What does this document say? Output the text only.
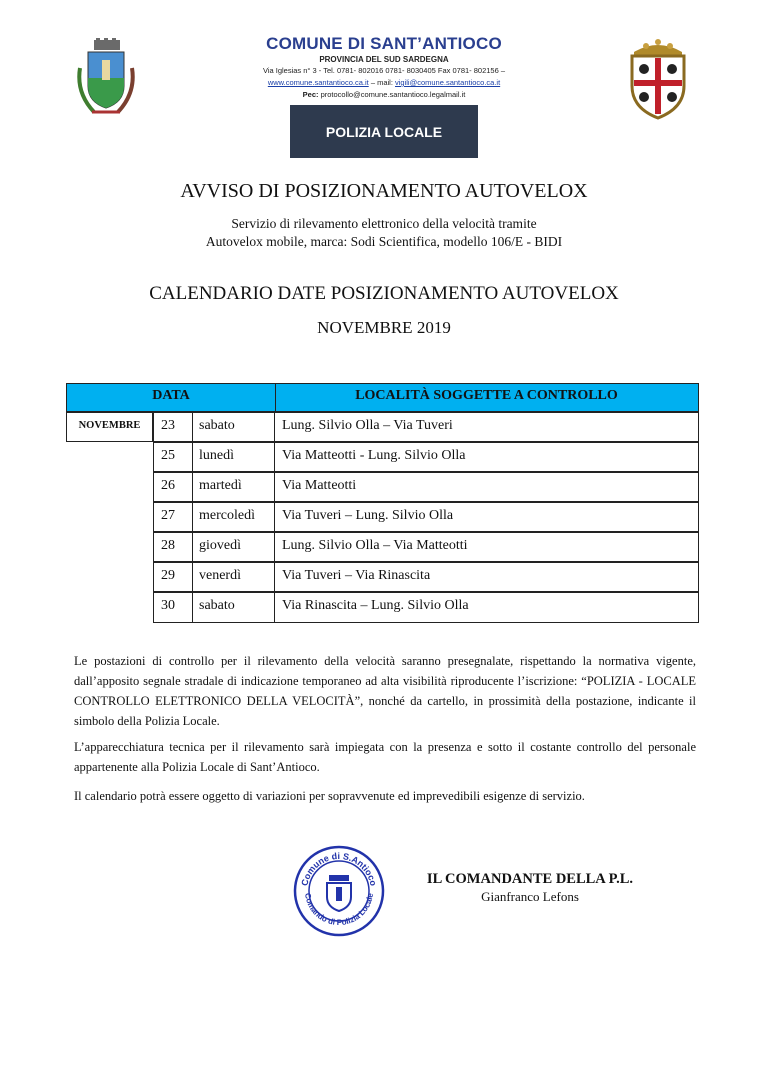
COMUNE DI SANT’ANTIOCO
PROVINCIA DEL SUD SARDEGNA
Via Iglesias n° 3 - Tel. 0781- 802016 0781- 8030405 Fax 0781- 802156 –
www.comune.santantioco.ca.it – mail: vigili@comune.santantioco.ca.it
Pec: protocollo@comune.santantioco.legalmail.it
POLIZIA LOCALE
AVVISO DI POSIZIONAMENTO AUTOVELOX
Servizio di rilevamento elettronico della velocità tramite
Autovelox mobile, marca: Sodi Scientifica, modello 106/E - BIDI
CALENDARIO DATE POSIZIONAMENTO AUTOVELOX
NOVEMBRE 2019
DATA	LOCALITÀ SOGGETTE A CONTROLLO
NOVEMBRE	23	sabato	Lung. Silvio Olla – Via Tuveri
25	lunedì	Via Matteotti - Lung. Silvio Olla
26	martedì	Via Matteotti
27	mercoledì	Via Tuveri – Lung. Silvio Olla
28	giovedì	Lung. Silvio Olla – Via Matteotti
29	venerdì	Via Tuveri – Via Rinascita
30	sabato	Via Rinascita – Lung. Silvio Olla
Le postazioni di controllo per il rilevamento della velocità saranno presegnalate, rispettando la normativa vigente, dall’apposito segnale stradale di indicazione temporaneo ad alta visibilità riproducente l’iscrizione: “POLIZIA - LOCALE CONTROLLO ELETTRONICO DELLA VELOCITÀ”, nonché da cartello, in prossimità della postazione, indicante il simbolo della Polizia Locale.
L’apparecchiatura tecnica per il rilevamento sarà impiegata con la presenza e sotto il costante controllo del personale appartenente alla Polizia Locale di Sant’Antioco.
Il calendario potrà essere oggetto di variazioni per sopravvenute ed imprevedibili esigenze di servizio.
Comune di S.Antioco
Comando di Polizia Locale
IL COMANDANTE DELLA P.L.
Gianfranco Lefons
